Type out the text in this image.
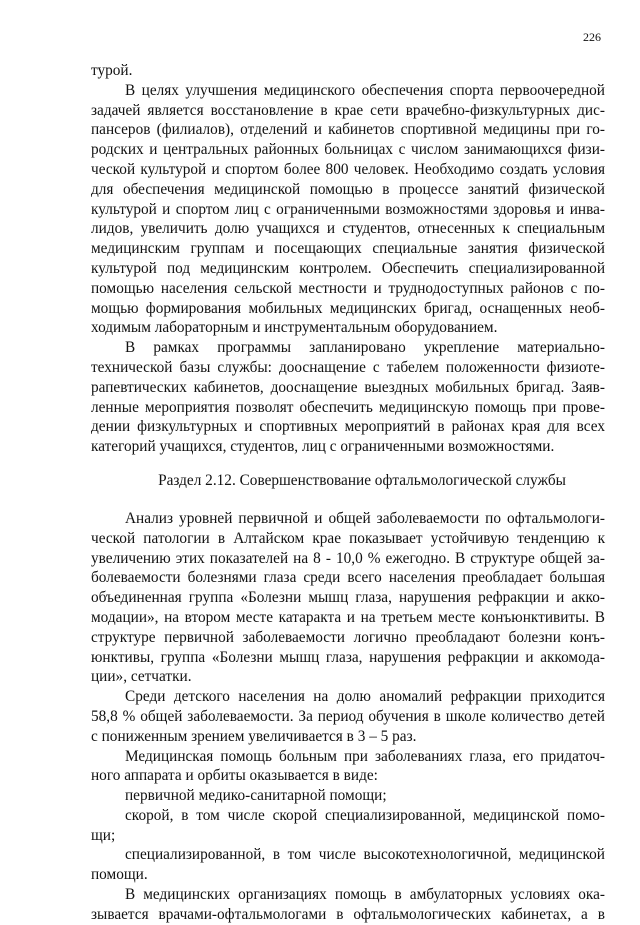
226
турой.
В целях улучшения медицинского обеспечения спорта первоочередной
задачей является восстановление в крае сети врачебно-физкультурных дис-
пансеров (филиалов), отделений и кабинетов спортивной медицины при го-
родских и центральных районных больницах с числом занимающихся физи-
ческой культурой и спортом более 800 человек. Необходимо создать условия
для обеспечения медицинской помощью в процессе занятий физической
культурой и спортом лиц с ограниченными возможностями здоровья и инва-
лидов, увеличить долю учащихся и студентов, отнесенных к специальным
медицинским группам и посещающих специальные занятия физической
культурой под медицинским контролем. Обеспечить специализированной
помощью населения сельской местности и труднодоступных районов с по-
мощью формирования мобильных медицинских бригад, оснащенных необ-
ходимым лабораторным и инструментальным оборудованием.
В рамках программы запланировано укрепление материально-
технической базы службы: дооснащение с табелем положенности физиоте-
рапевтических кабинетов, дооснащение выездных мобильных бригад. Заяв-
ленные мероприятия позволят обеспечить медицинскую помощь при прове-
дении физкультурных и спортивных мероприятий в районах края для всех
категорий учащихся, студентов, лиц с ограниченными возможностями.
Раздел 2.12. Совершенствование офтальмологической службы
Анализ уровней первичной и общей заболеваемости по офтальмологи-
ческой патологии в Алтайском крае показывает устойчивую тенденцию к
увеличению этих показателей на 8 - 10,0 % ежегодно. В структуре общей за-
болеваемости болезнями глаза среди всего населения преобладает большая
объединенная группа «Болезни мышц глаза, нарушения рефракции и акко-
модации», на втором месте катаракта и на третьем месте конъюнктивиты. В
структуре первичной заболеваемости логично преобладают болезни конъ-
юнктивы, группа «Болезни мышц глаза, нарушения рефракции и аккомода-
ции», сетчатки.
Среди детского населения на долю аномалий рефракции приходится
58,8 % общей заболеваемости. За период обучения в школе количество детей
с пониженным зрением увеличивается в 3 – 5 раз.
Медицинская помощь больным при заболеваниях глаза, его придаточ-
ного аппарата и орбиты оказывается в виде:
первичной медико-санитарной помощи;
скорой, в том числе скорой специализированной, медицинской помо-
щи;
специализированной, в том числе высокотехнологичной, медицинской
помощи.
В медицинских организациях помощь в амбулаторных условиях ока-
зывается врачами-офтальмологами в офтальмологических кабинетах, а в
